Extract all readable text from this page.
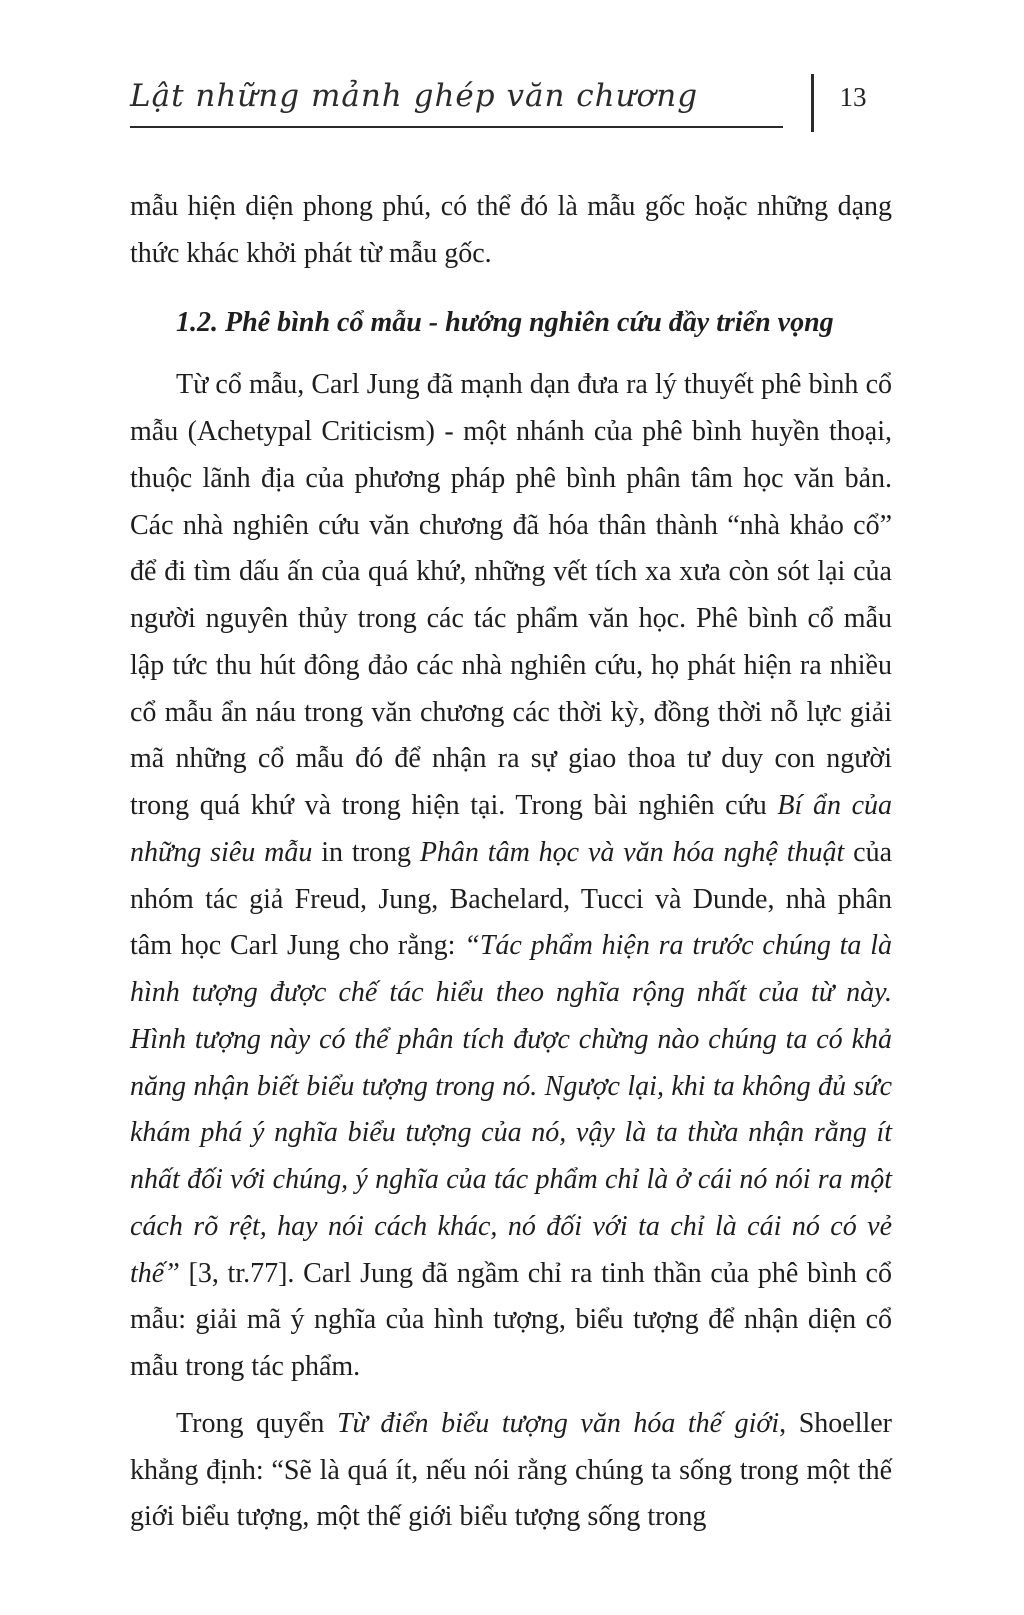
Lật những mảnh ghép văn chương	13

mẫu hiện diện phong phú, có thể đó là mẫu gốc hoặc những dạng thức khác khởi phát từ mẫu gốc.

1.2. Phê bình cổ mẫu - hướng nghiên cứu đầy triển vọng

Từ cổ mẫu, Carl Jung đã mạnh dạn đưa ra lý thuyết phê bình cổ mẫu (Achetypal Criticism) - một nhánh của phê bình huyền thoại, thuộc lãnh địa của phương pháp phê bình phân tâm học văn bản. Các nhà nghiên cứu văn chương đã hóa thân thành “nhà khảo cổ” để đi tìm dấu ấn của quá khứ, những vết tích xa xưa còn sót lại của người nguyên thủy trong các tác phẩm văn học. Phê bình cổ mẫu lập tức thu hút đông đảo các nhà nghiên cứu, họ phát hiện ra nhiều cổ mẫu ẩn náu trong văn chương các thời kỳ, đồng thời nỗ lực giải mã những cổ mẫu đó để nhận ra sự giao thoa tư duy con người trong quá khứ và trong hiện tại. Trong bài nghiên cứu Bí ẩn của những siêu mẫu in trong Phân tâm học và văn hóa nghệ thuật của nhóm tác giả Freud, Jung, Bachelard, Tucci và Dunde, nhà phân tâm học Carl Jung cho rằng: “Tác phẩm hiện ra trước chúng ta là hình tượng được chế tác hiểu theo nghĩa rộng nhất của từ này. Hình tượng này có thể phân tích được chừng nào chúng ta có khả năng nhận biết biểu tượng trong nó. Ngược lại, khi ta không đủ sức khám phá ý nghĩa biểu tượng của nó, vậy là ta thừa nhận rằng ít nhất đối với chúng, ý nghĩa của tác phẩm chỉ là ở cái nó nói ra một cách rõ rệt, hay nói cách khác, nó đối với ta chỉ là cái nó có vẻ thế” [3, tr.77]. Carl Jung đã ngầm chỉ ra tinh thần của phê bình cổ mẫu: giải mã ý nghĩa của hình tượng, biểu tượng để nhận diện cổ mẫu trong tác phẩm.

Trong quyển Từ điển biểu tượng văn hóa thế giới, Shoeller khẳng định: “Sẽ là quá ít, nếu nói rằng chúng ta sống trong một thế giới biểu tượng, một thế giới biểu tượng sống trong
